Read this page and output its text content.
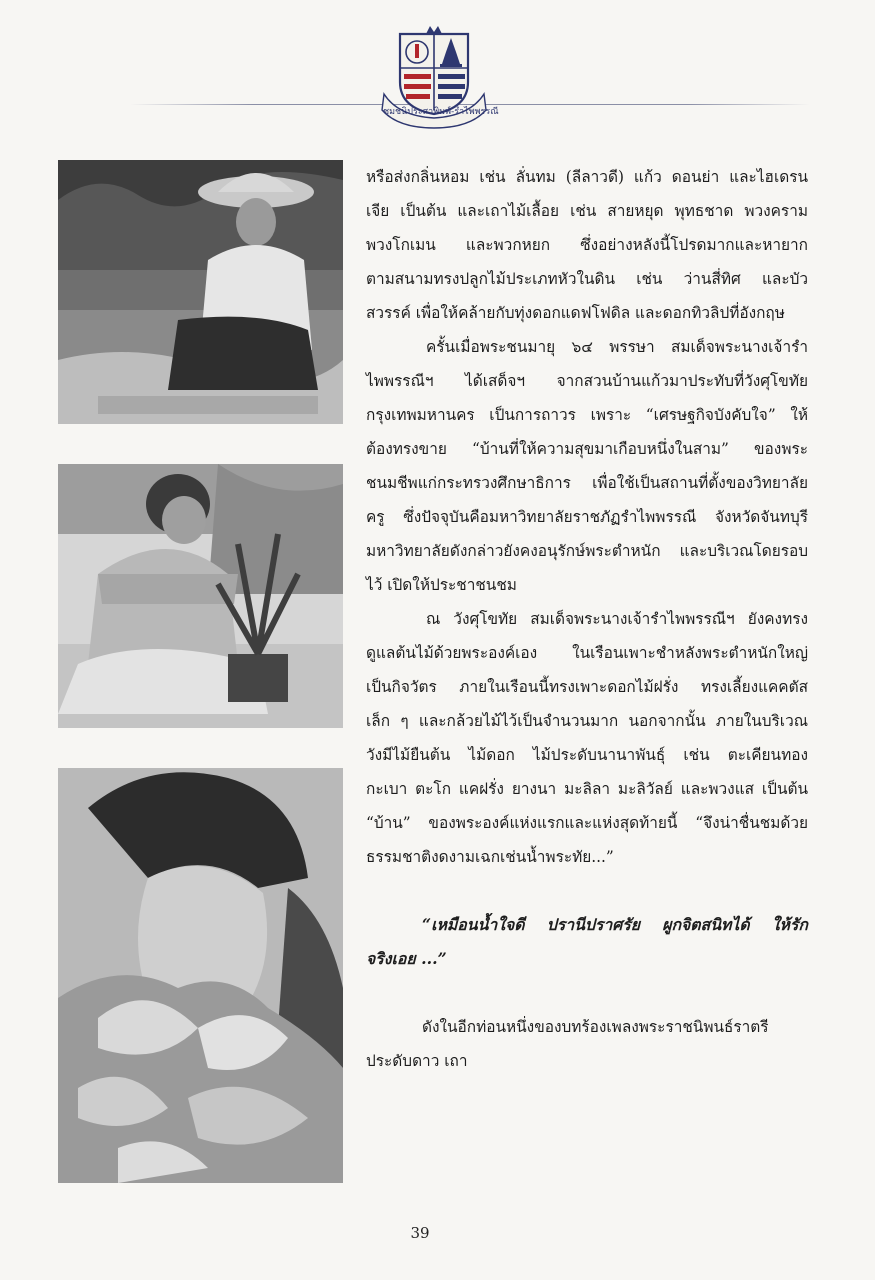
ชุมชนิประสาพิมพ์-รำไพพรรณี

หรือส่งกลิ่นหอม เช่น ลั่นทม (ลีลาวดี) แก้ว ดอนย่า และไฮเดรน

เจีย เป็นต้น และเถาไม้เลื้อย เช่น สายหยุด พุทธชาด พวงคราม

พวงโกเมน และพวกหยก ซึ่งอย่างหลังนี้โปรดมากและหายาก

ตามสนามทรงปลูกไม้ประเภทหัวในดิน เช่น ว่านสี่ทิศ และบัว

สวรรค์ เพื่อให้คล้ายกับทุ่งดอกแดฟโฟดิล และดอกทิวลิปที่อังกฤษ

ครั้นเมื่อพระชนมายุ ๖๔ พรรษา สมเด็จพระนางเจ้ารำ

ไพพรรณีฯ ได้เสด็จฯ จากสวนบ้านแก้วมาประทับที่วังศุโขทัย

กรุงเทพมหานคร เป็นการถาวร เพราะ “เศรษฐกิจบังคับใจ” ให้

ต้องทรงขาย “บ้านที่ให้ความสุขมาเกือบหนึ่งในสาม” ของพระ

ชนมชีพแก่กระทรวงศึกษาธิการ เพื่อใช้เป็นสถานที่ตั้งของวิทยาลัย

ครู ซึ่งปัจจุบันคือมหาวิทยาลัยราชภัฏรำไพพรรณี จังหวัดจันทบุรี

มหาวิทยาลัยดังกล่าวยังคงอนุรักษ์พระตำหนัก และบริเวณโดยรอบ

ไว้ เปิดให้ประชาชนชม

ณ วังศุโขทัย สมเด็จพระนางเจ้ารำไพพรรณีฯ ยังคงทรง

ดูแลต้นไม้ด้วยพระองค์เอง ในเรือนเพาะชำหลังพระตำหนักใหญ่

เป็นกิจวัตร ภายในเรือนนี้ทรงเพาะดอกไม้ฝรั่ง ทรงเลี้ยงแคคตัส

เล็ก ๆ และกล้วยไม้ไว้เป็นจำนวนมาก นอกจากนั้น ภายในบริเวณ

วังมีไม้ยืนต้น ไม้ดอก ไม้ประดับนานาพันธุ์ เช่น ตะเคียนทอง

กะเบา ตะโก แคฝรั่ง ยางนา มะลิลา มะลิวัลย์ และพวงแส เป็นต้น

“บ้าน” ของพระองค์แห่งแรกและแห่งสุดท้ายนี้ “จึงน่าชื่นชมด้วย

ธรรมชาติงดงามเฉกเช่นน้ำพระทัย...”

“เหมือนน้ำใจดี ปรานีปราศรัย ผูกจิตสนิทได้ ให้รัก

จริงเอย ...”

ดังในอีกท่อนหนึ่งของบทร้องเพลงพระราชนิพนธ์ราตรี

ประดับดาว เถา

39
